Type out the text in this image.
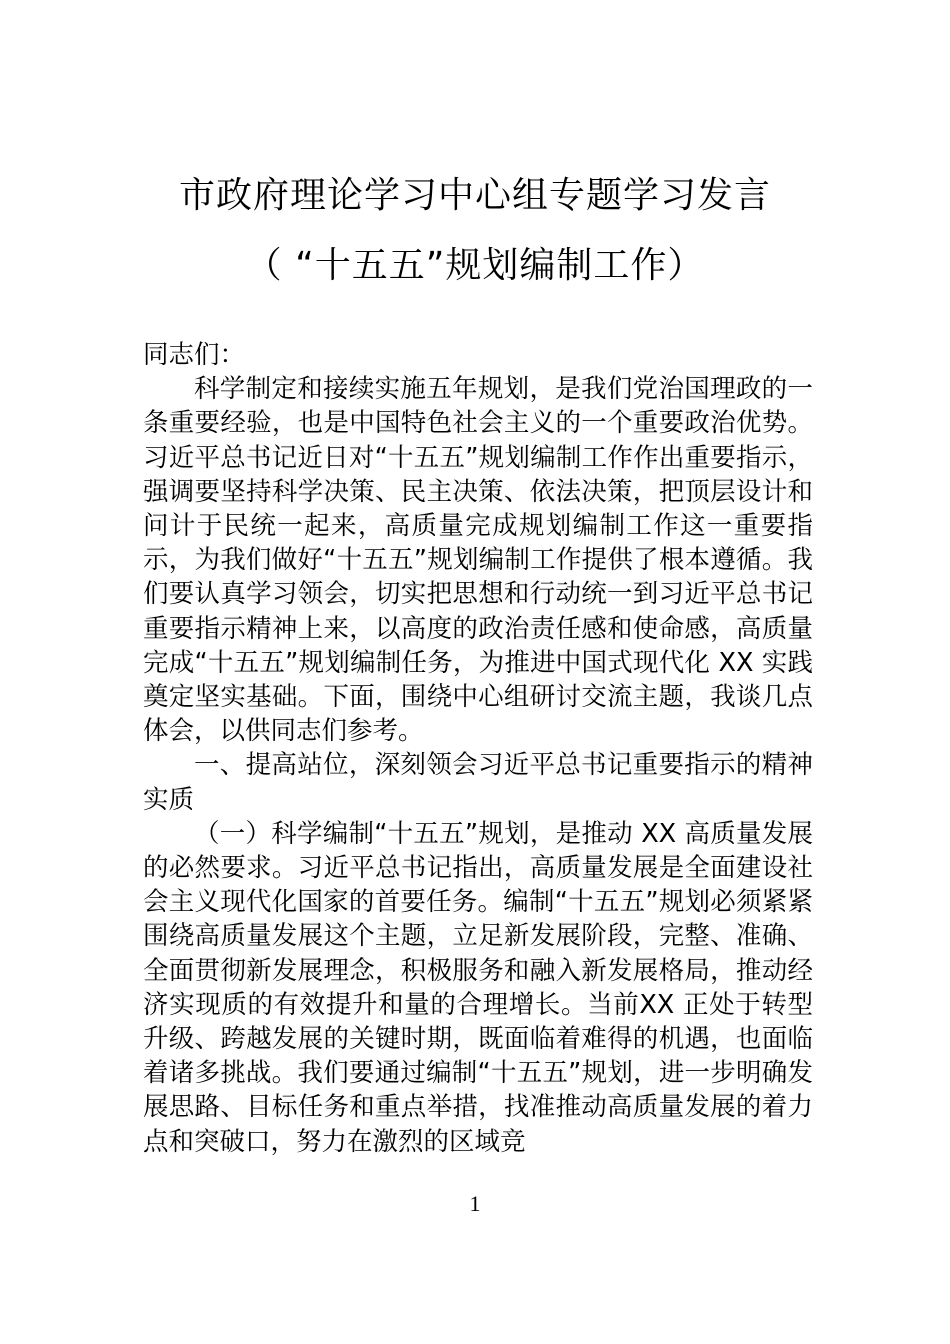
市政府理论学习中心组专题学习发言
（ “十五五”规划编制工作）

同志们：

科学制定和接续实施五年规划，是我们党治国理政的一条重要经验，也是中国特色社会主义的一个重要政治优势。习近平总书记近日对“十五五”规划编制工作作出重要指示，强调要坚持科学决策、民主决策、依法决策，把顶层设计和问计于民统一起来，高质量完成规划编制工作这一重要指示，为我们做好“十五五”规划编制工作提供了根本遵循。我们要认真学习领会，切实把思想和行动统一到习近平总书记重要指示精神上来，以高度的政治责任感和使命感，高质量完成“十五五”规划编制任务，为推进中国式现代化 XX 实践奠定坚实基础。下面，围绕中心组研讨交流主题，我谈几点体会，以供同志们参考。

一、提高站位，深刻领会习近平总书记重要指示的精神实质

（一）科学编制“十五五”规划，是推动 XX 高质量发展的必然要求。习近平总书记指出，高质量发展是全面建设社会主义现代化国家的首要任务。编制“十五五”规划必须紧紧围绕高质量发展这个主题，立足新发展阶段，完整、准确、全面贯彻新发展理念，积极服务和融入新发展格局，推动经济实现质的有效提升和量的合理增长。当前XX 正处于转型升级、跨越发展的关键时期，既面临着难得的机遇，也面临着诸多挑战。我们要通过编制“十五五”规划，进一步明确发展思路、目标任务和重点举措，找准推动高质量发展的着力点和突破口，努力在激烈的区域竞

1
